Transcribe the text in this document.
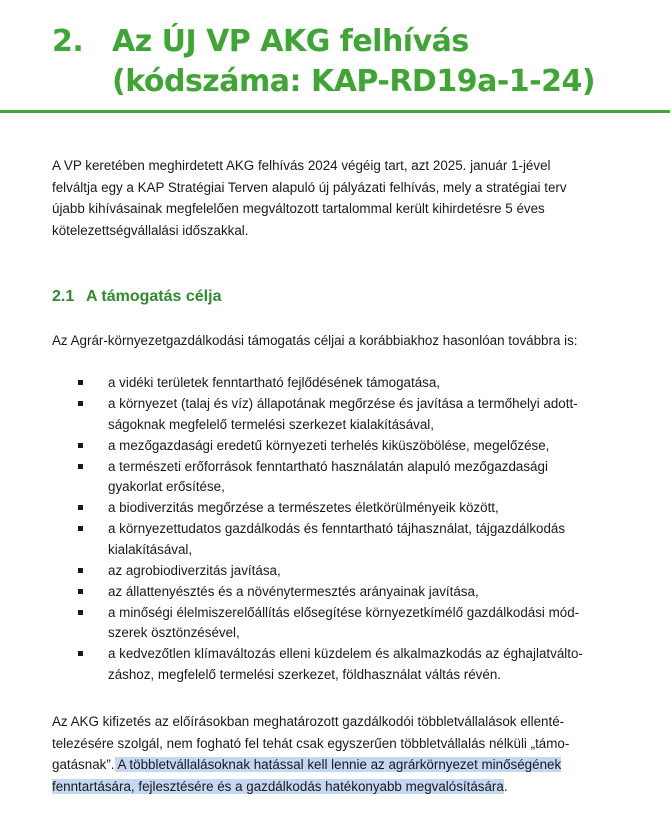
2. Az ÚJ VP AKG felhívás
(kódszáma: KAP-RD19a-1-24)
A VP keretében meghirdetett AKG felhívás 2024 végéig tart, azt 2025. január 1-jével
felváltja egy a KAP Stratégiai Terven alapuló új pályázati felhívás, mely a stratégiai terv
újabb kihívásainak megfelelően megváltozott tartalommal került kihirdetésre 5 éves
kötelezettségvállalási időszakkal.
2.1 A támogatás célja
Az Agrár-környezetgazdálkodási támogatás céljai a korábbiakhoz hasonlóan továbbra is:
a vidéki területek fenntartható fejlődésének támogatása,
a környezet (talaj és víz) állapotának megőrzése és javítása a termőhelyi adott-
ságoknak megfelelő termelési szerkezet kialakításával,
a mezőgazdasági eredetű környezeti terhelés kiküszöbölése, megelőzése,
a természeti erőforrások fenntartható használatán alapuló mezőgazdasági
gyakorlat erősítése,
a biodiverzitás megőrzése a természetes életkörülményeik között,
a környezettudatos gazdálkodás és fenntartható tájhasználat, tájgazdálkodás
kialakításával,
az agrobiodiverzitás javítása,
az állattenyésztés és a növénytermesztés arányainak javítása,
a minőségi élelmiszerelőállítás elősegítése környezetkímélő gazdálkodási mód-
szerek ösztönzésével,
a kedvezőtlen klímaváltozás elleni küzdelem és alkalmazkodás az éghajlatválto-
záshoz, megfelelő termelési szerkezet, földhasználat váltás révén.
Az AKG kifizetés az előírásokban meghatározott gazdálkodói többletvállalások ellenté-
telezésére szolgál, nem fogható fel tehát csak egyszerűen többletvállalás nélküli „támo-
gatásnak”. A többletvállalásoknak hatással kell lennie az agrárkörnyezet minőségének
fenntartására, fejlesztésére és a gazdálkodás hatékonyabb megvalósítására.
